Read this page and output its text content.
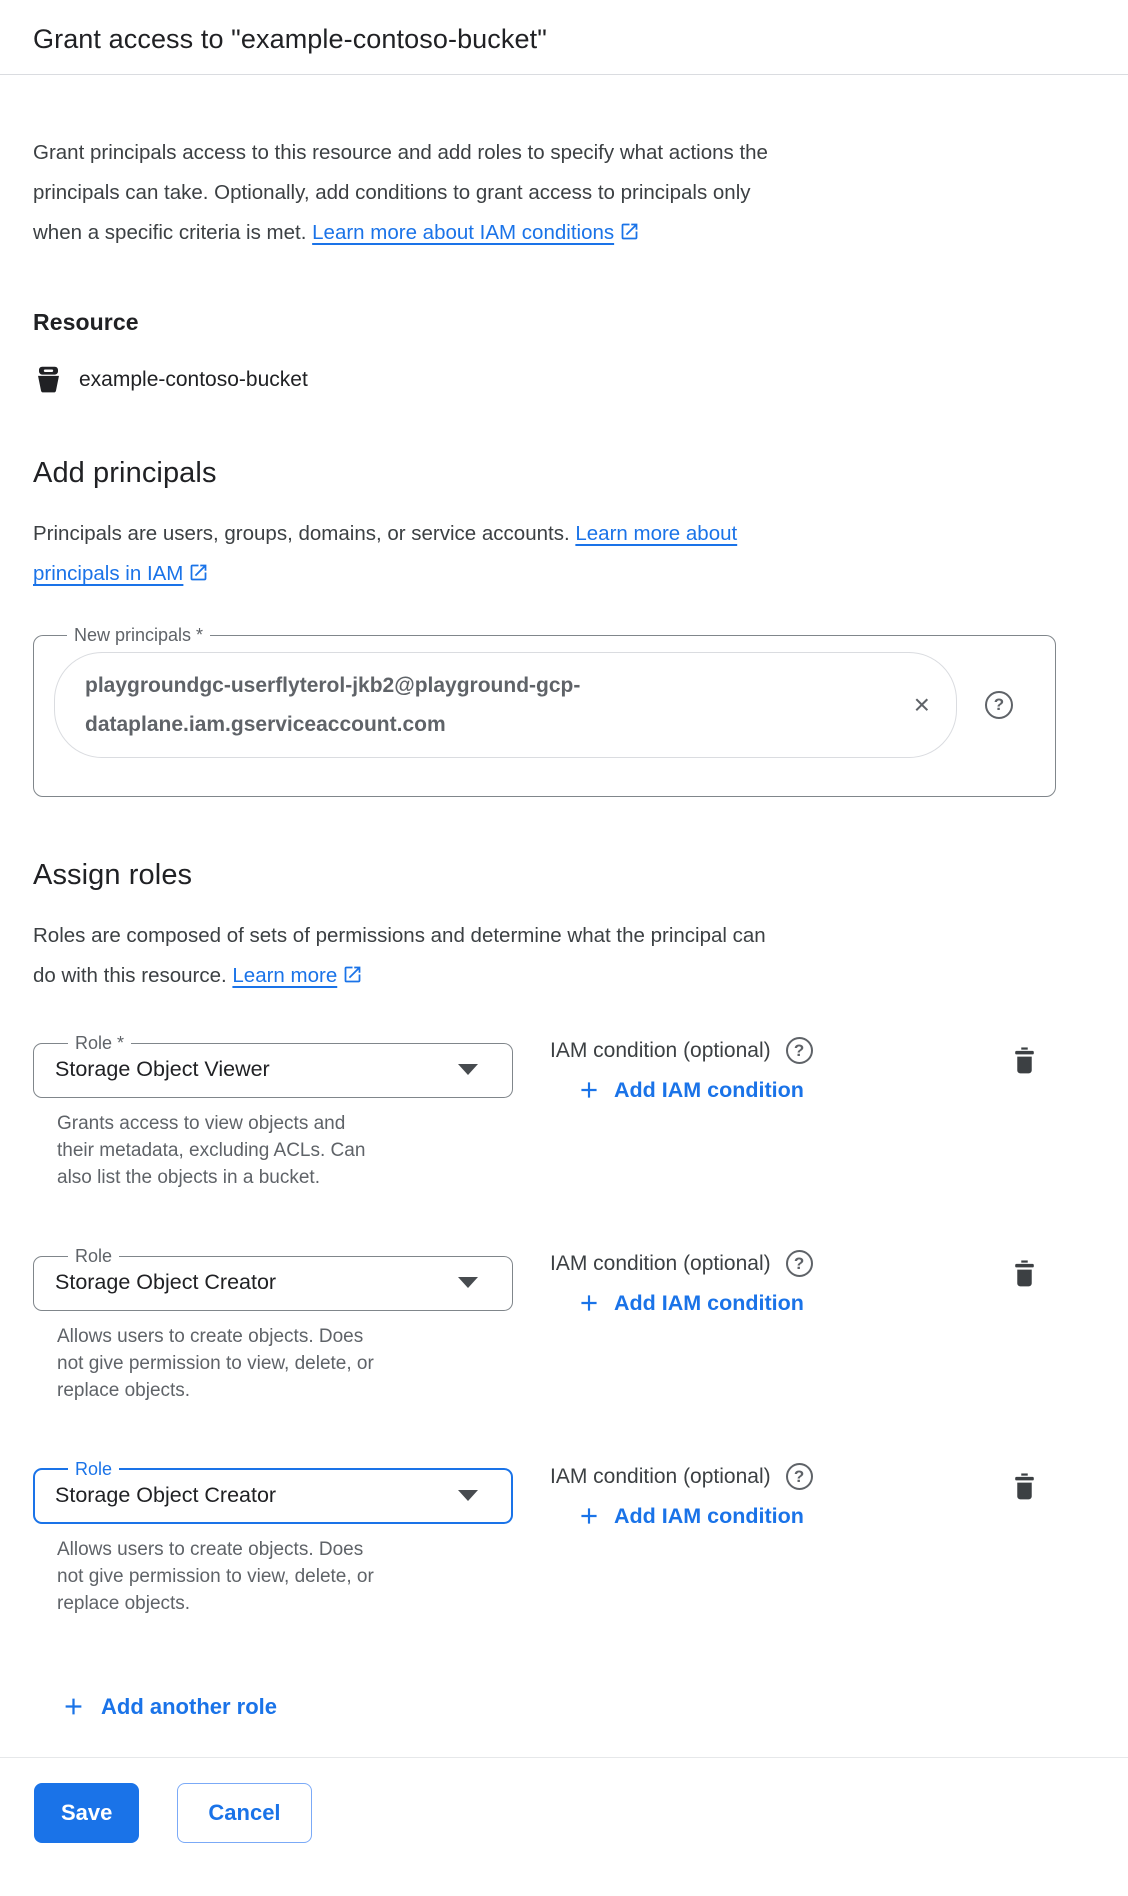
Grant access to "example-contoso-bucket"

Grant principals access to this resource and add roles to specify what actions the
principals can take. Optionally, add conditions to grant access to principals only
when a specific criteria is met. Learn more about IAM conditions

Resource
example-contoso-bucket
Add principals

Principals are users, groups, domains, or service accounts. Learn more about
principals in IAM

New principals *
playgroundgc-userflyterol-jkb2@playground-gcp-dataplane.iam.gserviceaccount.com
×	?
Assign roles

Roles are composed of sets of permissions and determine what the principal can
do with this resource. Learn more

Role *
Storage Object Viewer

Grants access to view objects and
their metadata, excluding ACLs. Can
also list the objects in a bucket.

IAM condition (optional) ?
Add IAM condition
Role
Storage Object Creator

Allows users to create objects. Does
not give permission to view, delete, or
replace objects.

IAM condition (optional) ?
Add IAM condition
Role
Storage Object Creator

Allows users to create objects. Does
not give permission to view, delete, or
replace objects.

IAM condition (optional) ?
Add IAM condition
Add another role
Save	Cancel
